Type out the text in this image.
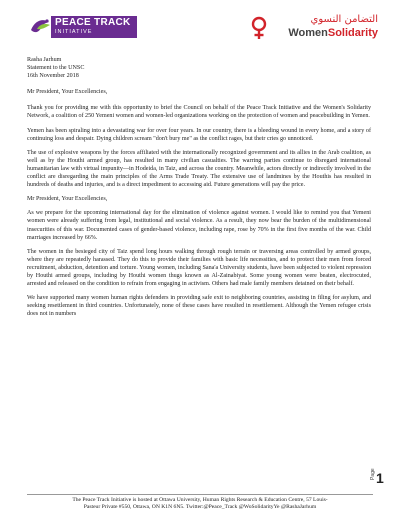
PEACE TRACK
INITIATIVE
التضامن النسوي
WomenSolidarity

Rasha Jarhum

Statement to the UNSC

16th November 2018

Mr President, Your Excellencies,

Thank you for providing me with this opportunity to brief the Council on behalf of the Peace Track Initiative and the Women's Solidarity Network, a coalition of 250 Yemeni women and women-led organizations working on the protection of women and peacebuilding in Yemen.

Yemen has been spiraling into a devastating war for over four years. In our country, there is a bleeding wound in every home, and a story of continuing loss and despair. Dying children scream "don't bury me" as the conflict rages, but their cries go unnoticed.

The use of explosive weapons by the forces affiliated with the internationally recognized government and its allies in the Arab coalition, as well as by the Houthi armed group, has resulted in many civilian casualties. The warring parties continue to disregard international humanitarian law with virtual impunity—in Hodeida, in Taiz, and across the country. Meanwhile, actors directly or indirectly involved in the conflict are disregarding the main principles of the Arms Trade Treaty. The extensive use of landmines by the Houthis has resulted in hundreds of deaths and injuries, and is a direct impediment to accessing aid. Future generations will pay the price.

Mr President, Your Excellencies,

As we prepare for the upcoming international day for the elimination of violence against women. I would like to remind you that Yemeni women were already suffering from legal, institutional and social violence. As a result, they now bear the burden of the multidimensional insecurities of this war. Documented cases of gender-based violence, including rape, rose by 70% in the first five months of the war. Child marriages increased by 66%.

The women in the besieged city of Taiz spend long hours walking through rough terrain or traversing areas controlled by armed groups, where they are repeatedly harassed. They do this to provide their families with basic life necessities, and to protect their men from forced recruitment, abduction, detention and torture. Young women, including Sana'a University students, have been subjected to violent repression by Houthi armed groups, including by Houthi women thugs known as Al-Zainabiyat. Some young women were beaten, electrocuted, arrested and released on the condition to refrain from engaging in activism. Others had male family members detained on their behalf.

We have supported many women human rights defenders in providing safe exit to neighboring countries, assisting in filing for asylum, and seeking resettlement in third countries. Unfortunately, none of these cases have resulted in resettlement. Although the Yemen refugee crisis does not in numbers

Page 1
The Peace Track Initiative is hosted at Ottawa University, Human Rights Research & Education Centre, 57 Louis-
Pasteur Private #550, Ottawa, ON K1N 6N5. Twitter:@Peace_Track @WoSolidarityYe @RashaJarhum
